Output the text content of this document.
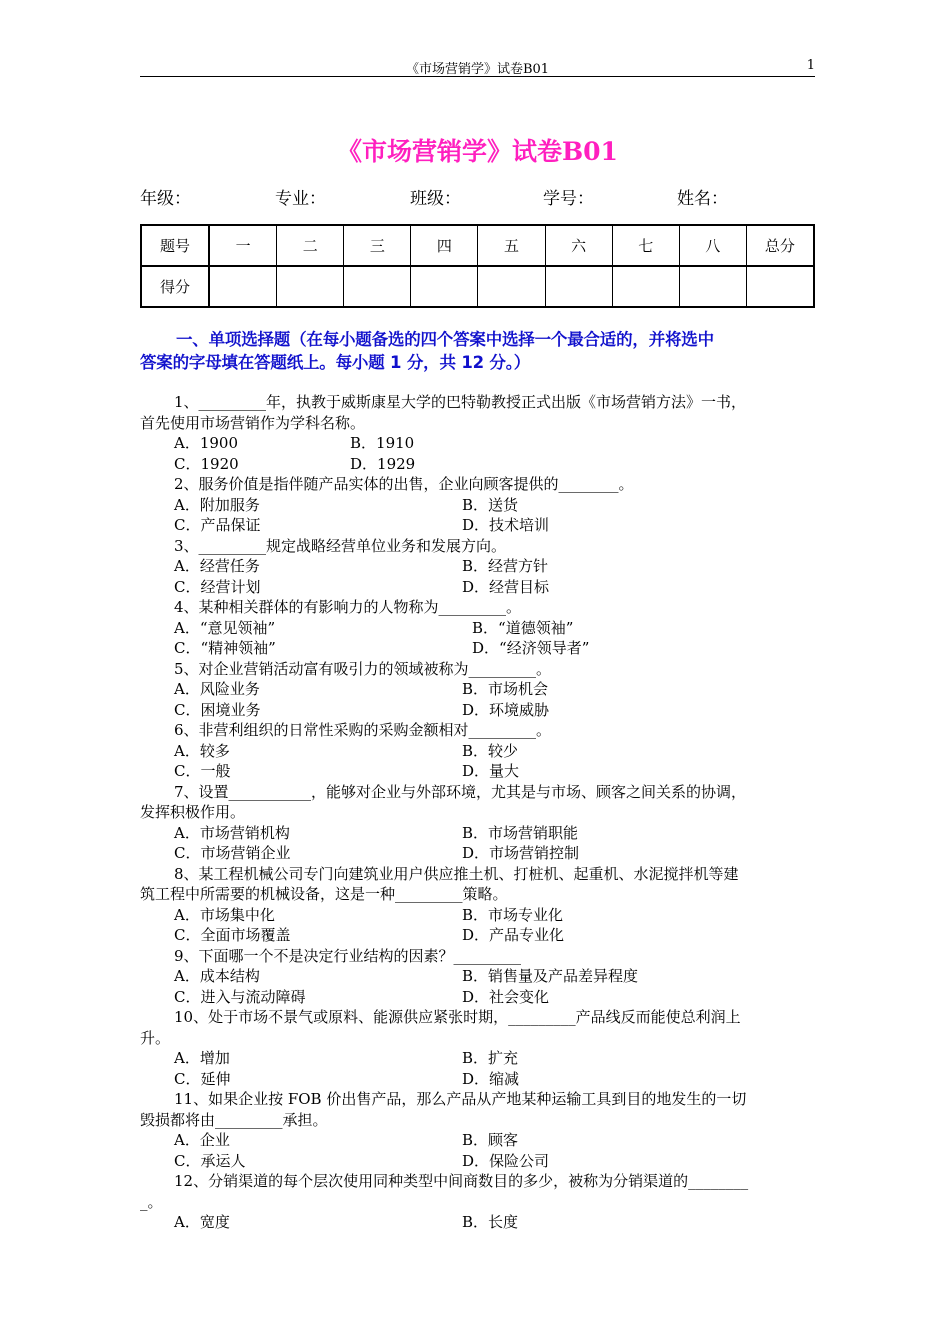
《市场营销学》试卷B01	1
《市场营销学》试卷B01
年级：	专业：	班级：	学号：	姓名：
题号	一	二	三	四	五	六	七	八	总分
得分									
一、单项选择题（在每小题备选的四个答案中选择一个最合适的，并将选中
答案的字母填在答题纸上。每小题 1 分，共 12 分。）
1、_________年，执教于威斯康星大学的巴特勒教授正式出版《市场营销方法》一书，
首先使用市场营销作为学科名称。
A．1900	B．1910
C．1920	D．1929
2、服务价值是指伴随产品实体的出售，企业向顾客提供的________。
A．附加服务	B．送货
C．产品保证	D．技术培训
3、_________规定战略经营单位业务和发展方向。
A．经营任务	B．经营方针
C．经营计划	D．经营目标
4、某种相关群体的有影响力的人物称为_________。
A．“意见领袖”	B．“道德领袖”
C．“精神领袖”	D．“经济领导者”
5、对企业营销活动富有吸引力的领域被称为_________。
A．风险业务	B．市场机会
C．困境业务	D．环境威胁
6、非营利组织的日常性采购的采购金额相对_________。
A．较多	B．较少
C．一般	D．量大
7、设置___________，能够对企业与外部环境，尤其是与市场、顾客之间关系的协调，
发挥积极作用。
A．市场营销机构	B．市场营销职能
C．市场营销企业	D．市场营销控制
8、某工程机械公司专门向建筑业用户供应推土机、打桩机、起重机、水泥搅拌机等建
筑工程中所需要的机械设备，这是一种_________策略。
A．市场集中化	B．市场专业化
C．全面市场覆盖	D．产品专业化
9、下面哪一个不是决定行业结构的因素？_________
A．成本结构	B．销售量及产品差异程度
C．进入与流动障碍	D．社会变化
10、处于市场不景气或原料、能源供应紧张时期，_________产品线反而能使总利润上
升。
A．增加	B．扩充
C．延伸	D．缩减
11、如果企业按 FOB 价出售产品，那么产品从产地某种运输工具到目的地发生的一切
毁损都将由_________承担。
A．企业	B．顾客
C．承运人	D．保险公司
12、分销渠道的每个层次使用同种类型中间商数目的多少，被称为分销渠道的________
_。
A．宽度	B．长度
